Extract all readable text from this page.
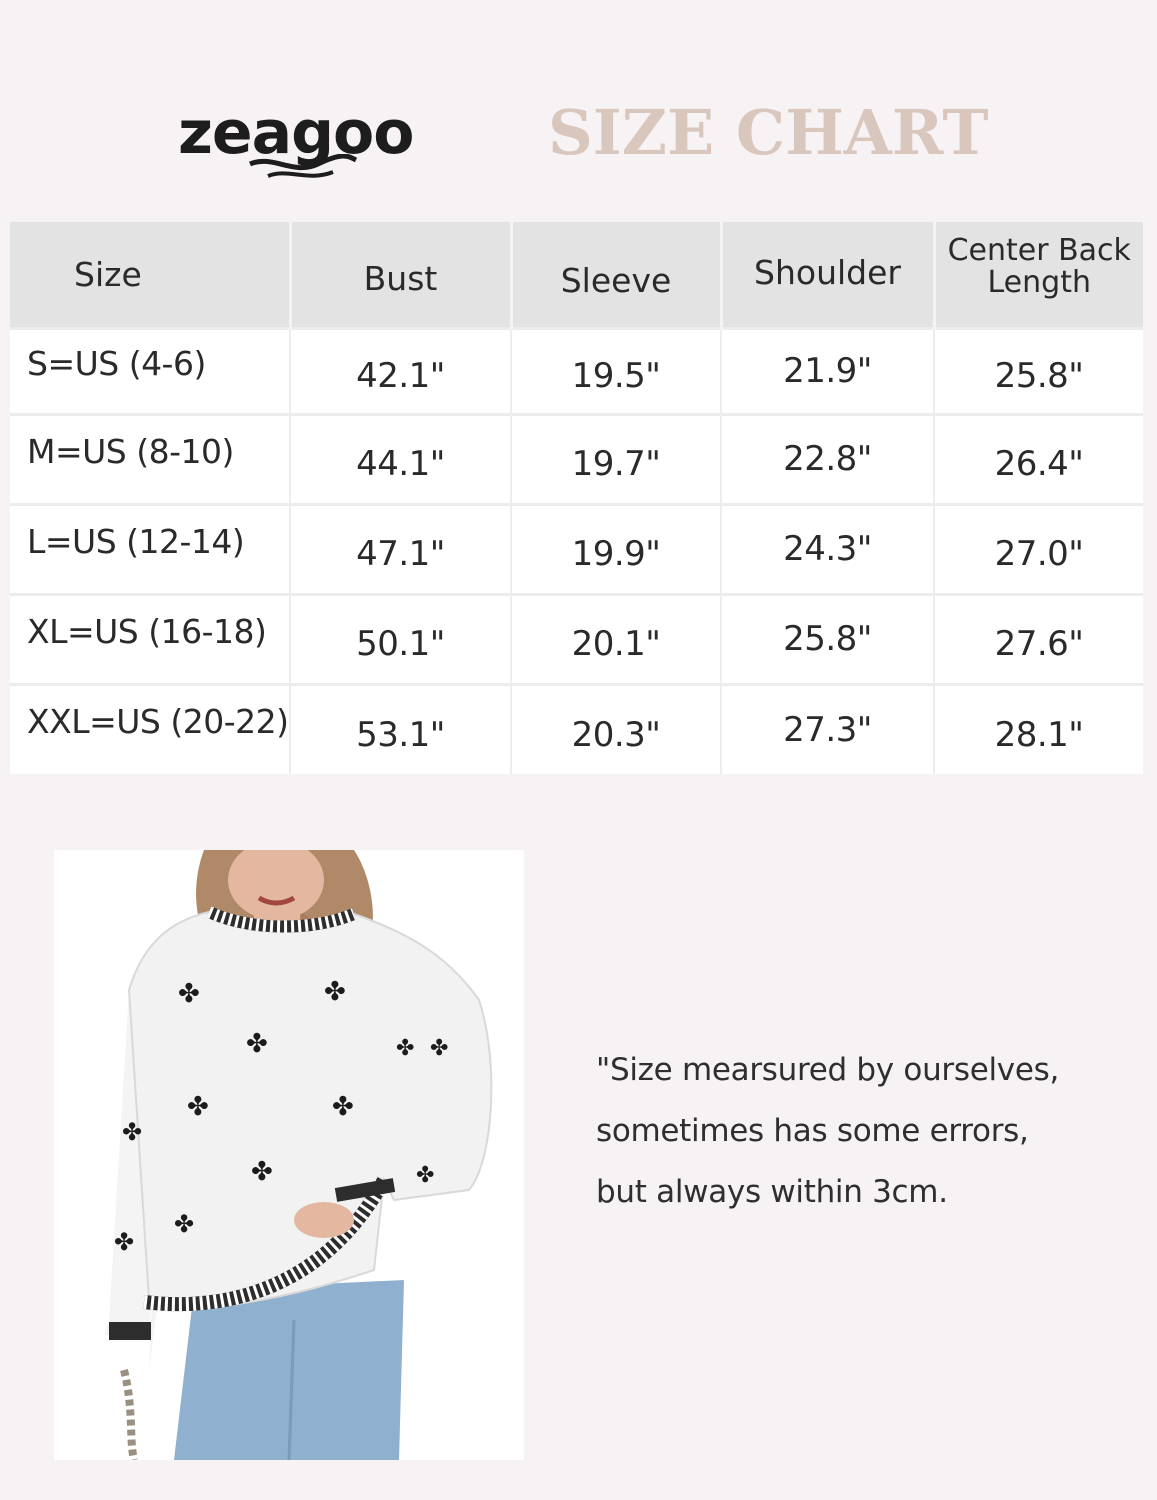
zeagoo SIZE CHART
Size	Bust	Sleeve	Shoulder	Center Back
Length

S=US (4-6)	42.1"	19.5"	21.9"	25.8"
M=US (8-10)	44.1"	19.7"	22.8"	26.4"
L=US (12-14)	47.1"	19.9"	24.3"	27.0"
XL=US (16-18)	50.1"	20.1"	25.8"	27.6"
XXL=US (20-22)	53.1"	20.3"	27.3"	28.1"
✤
✤
✤
✤ ✤
✤	✤
✤
✤	✤
✤
✤

"Size mearsured by ourselves,

sometimes has some errors,

but always within 3cm.
